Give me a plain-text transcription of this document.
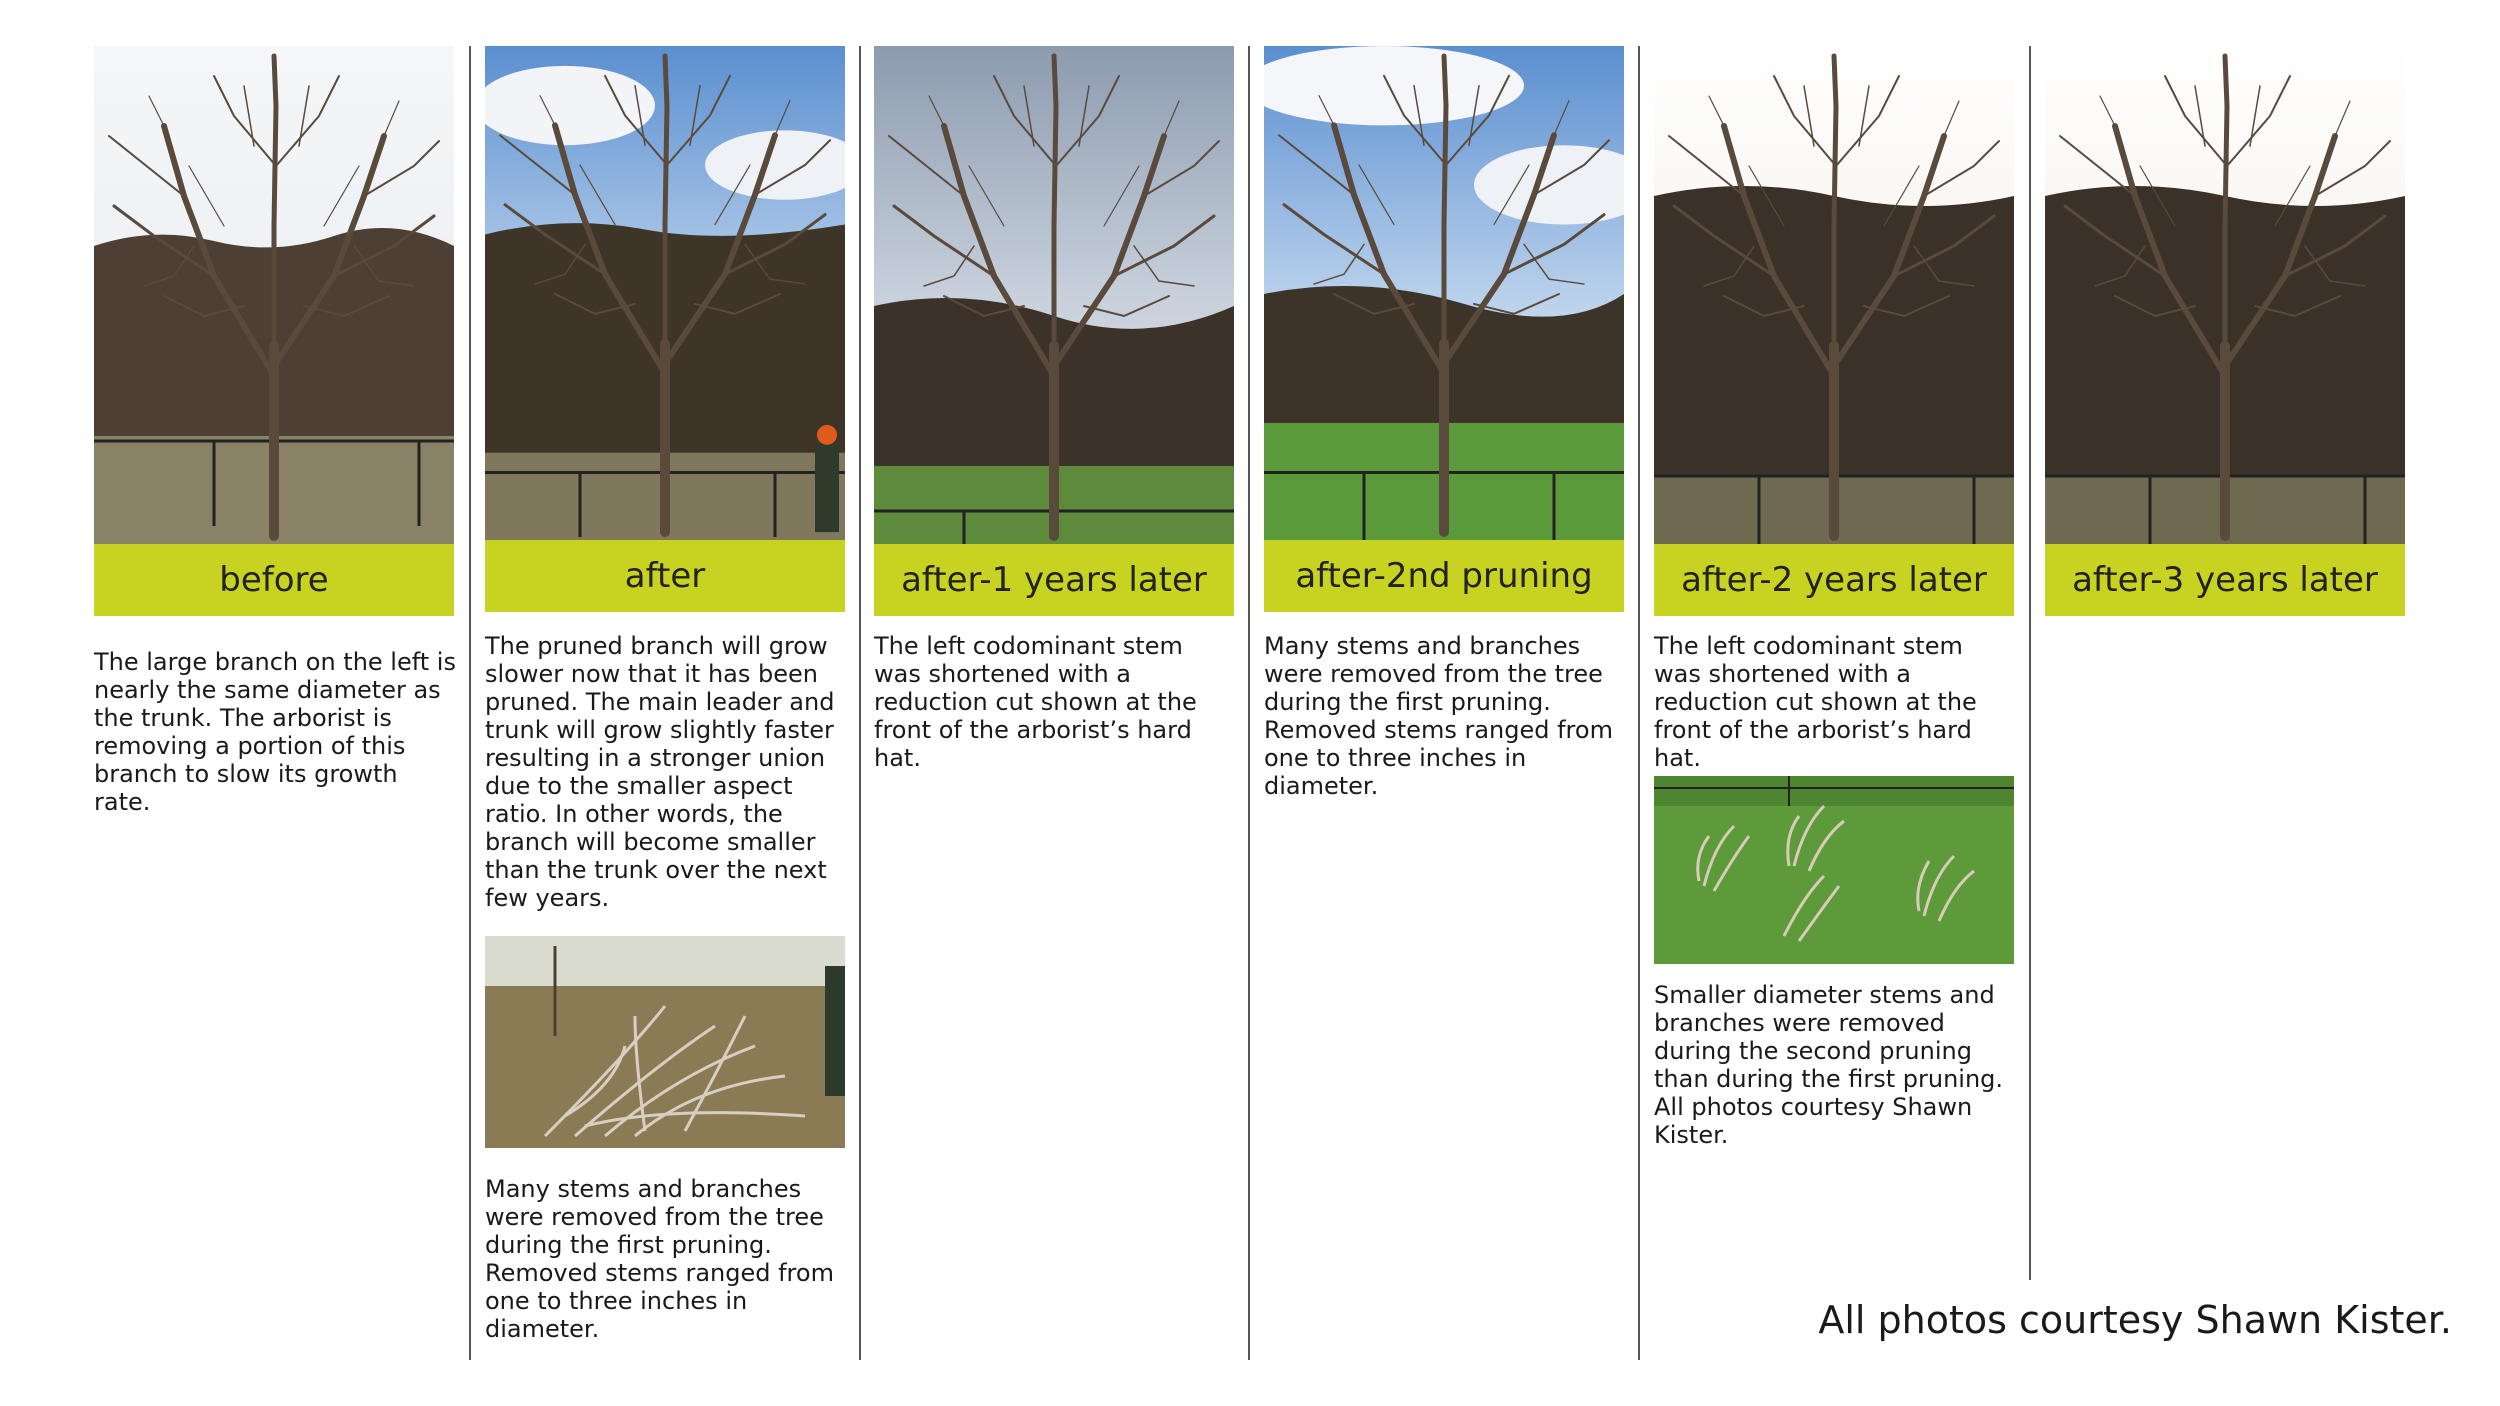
before
The large branch on the left is nearly the same diameter as the trunk. The arborist is removing a portion of this branch to slow its growth rate.
after
The pruned branch will grow slower now that it has been pruned. The main leader and trunk will grow slightly faster resulting in a stronger union due to the smaller aspect ratio. In other words, the branch will become smaller than the trunk over the next few years.
Many stems and branches were removed from the tree during the first pruning. Removed stems ranged from one to three inches in diameter.
after-1 years later
The left codominant stem was shortened with a reduction cut shown at the front of the arborist’s hard hat.
after-2nd pruning
Many stems and branches were removed from the tree during the first pruning. Removed stems ranged from one to three inches in diameter.
after-2 years later
The left codominant stem was shortened with a reduction cut shown at the front of the arborist’s hard hat.
Smaller diameter stems and branches were removed during the second pruning than during the first pruning. All photos courtesy Shawn Kister.
after-3 years later
All photos courtesy Shawn Kister.
